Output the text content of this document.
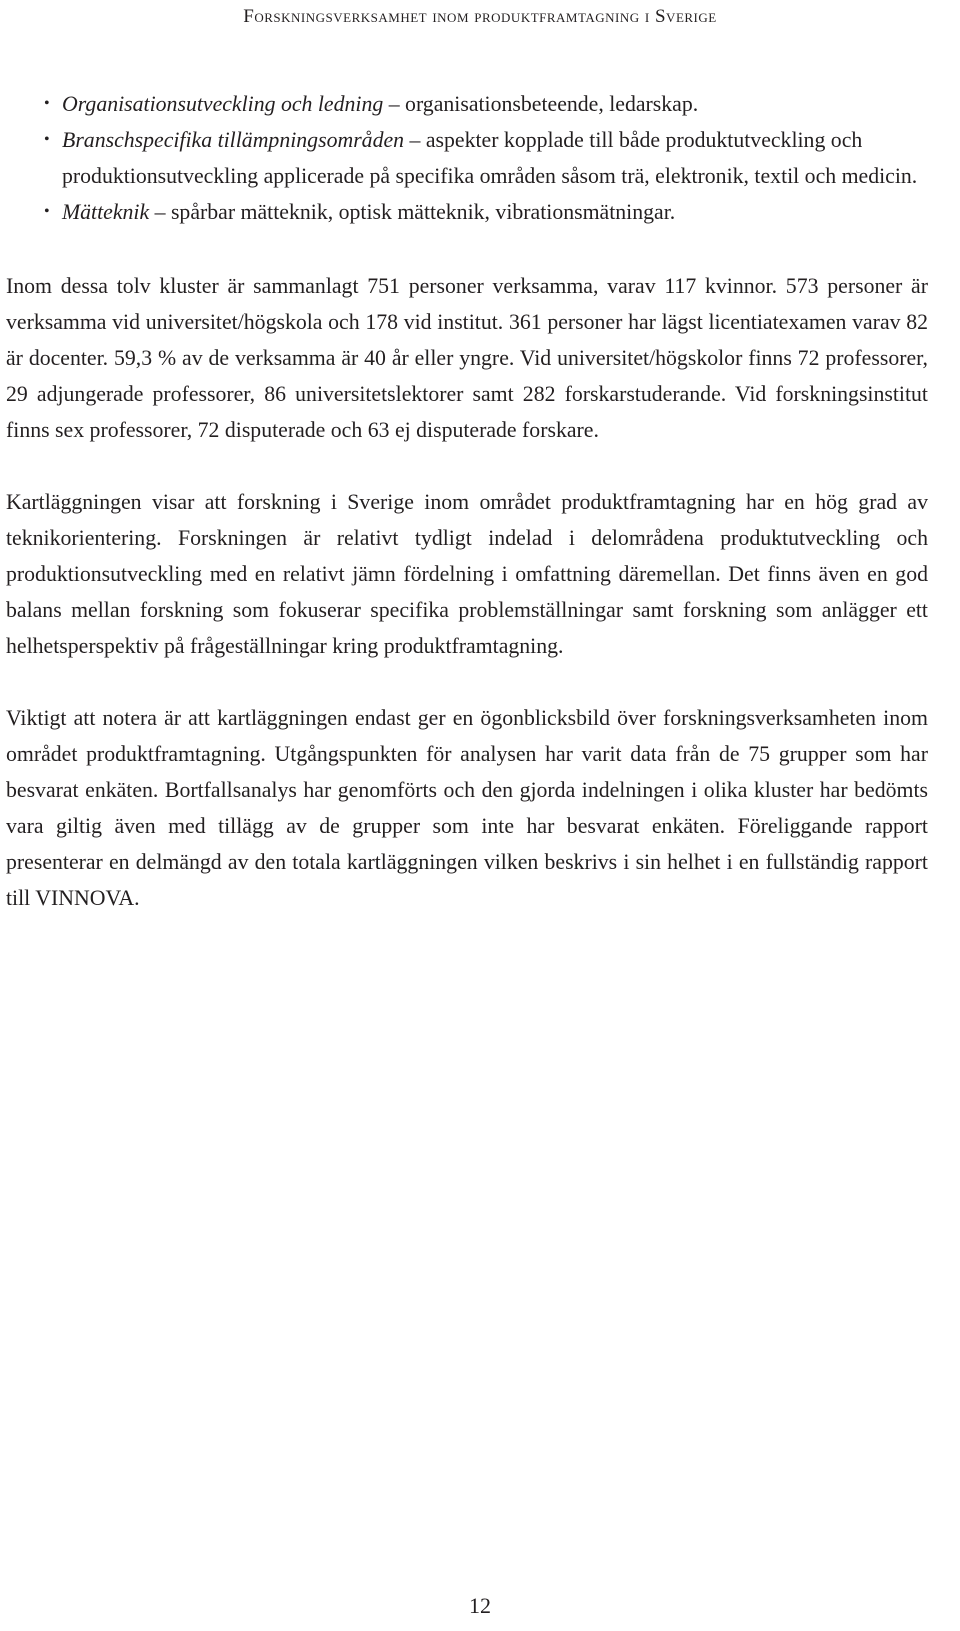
Forskningsverksamhet inom produktframtagning i Sverige
• Organisationsutveckling och ledning – organisationsbeteende, ledarskap.
• Branschspecifika tillämpningsområden – aspekter kopplade till både produktutveckling och produktionsutveckling applicerade på specifika områden såsom trä, elektronik, textil och medicin.
• Mätteknik – spårbar mätteknik, optisk mätteknik, vibrationsmätningar.

Inom dessa tolv kluster är sammanlagt 751 personer verksamma, varav 117 kvinnor. 573 personer är verksamma vid universitet/högskola och 178 vid institut. 361 personer har lägst licentiatexamen varav 82 är docenter. 59,3 % av de verksamma är 40 år eller yngre. Vid universitet/högskolor finns 72 professorer, 29 adjungerade professorer, 86 universitetslektorer samt 282 forskarstuderande. Vid forskningsinstitut finns sex professorer, 72 disputerade och 63 ej disputerade forskare.

Kartläggningen visar att forskning i Sverige inom området produktframtagning har en hög grad av teknikorientering. Forskningen är relativt tydligt indelad i delområdena produktutveckling och produktionsutveckling med en relativt jämn fördelning i omfattning däremellan. Det finns även en god balans mellan forskning som fokuserar specifika problemställningar samt forskning som anlägger ett helhetsperspektiv på frågeställningar kring produktframtagning.

Viktigt att notera är att kartläggningen endast ger en ögonblicksbild över forskningsverksamheten inom området produktframtagning. Utgångspunkten för analysen har varit data från de 75 grupper som har besvarat enkäten. Bortfallsanalys har genomförts och den gjorda indelningen i olika kluster har bedömts vara giltig även med tillägg av de grupper som inte har besvarat enkäten. Föreliggande rapport presenterar en delmängd av den totala kartläggningen vilken beskrivs i sin helhet i en fullständig rapport till VINNOVA.

12
